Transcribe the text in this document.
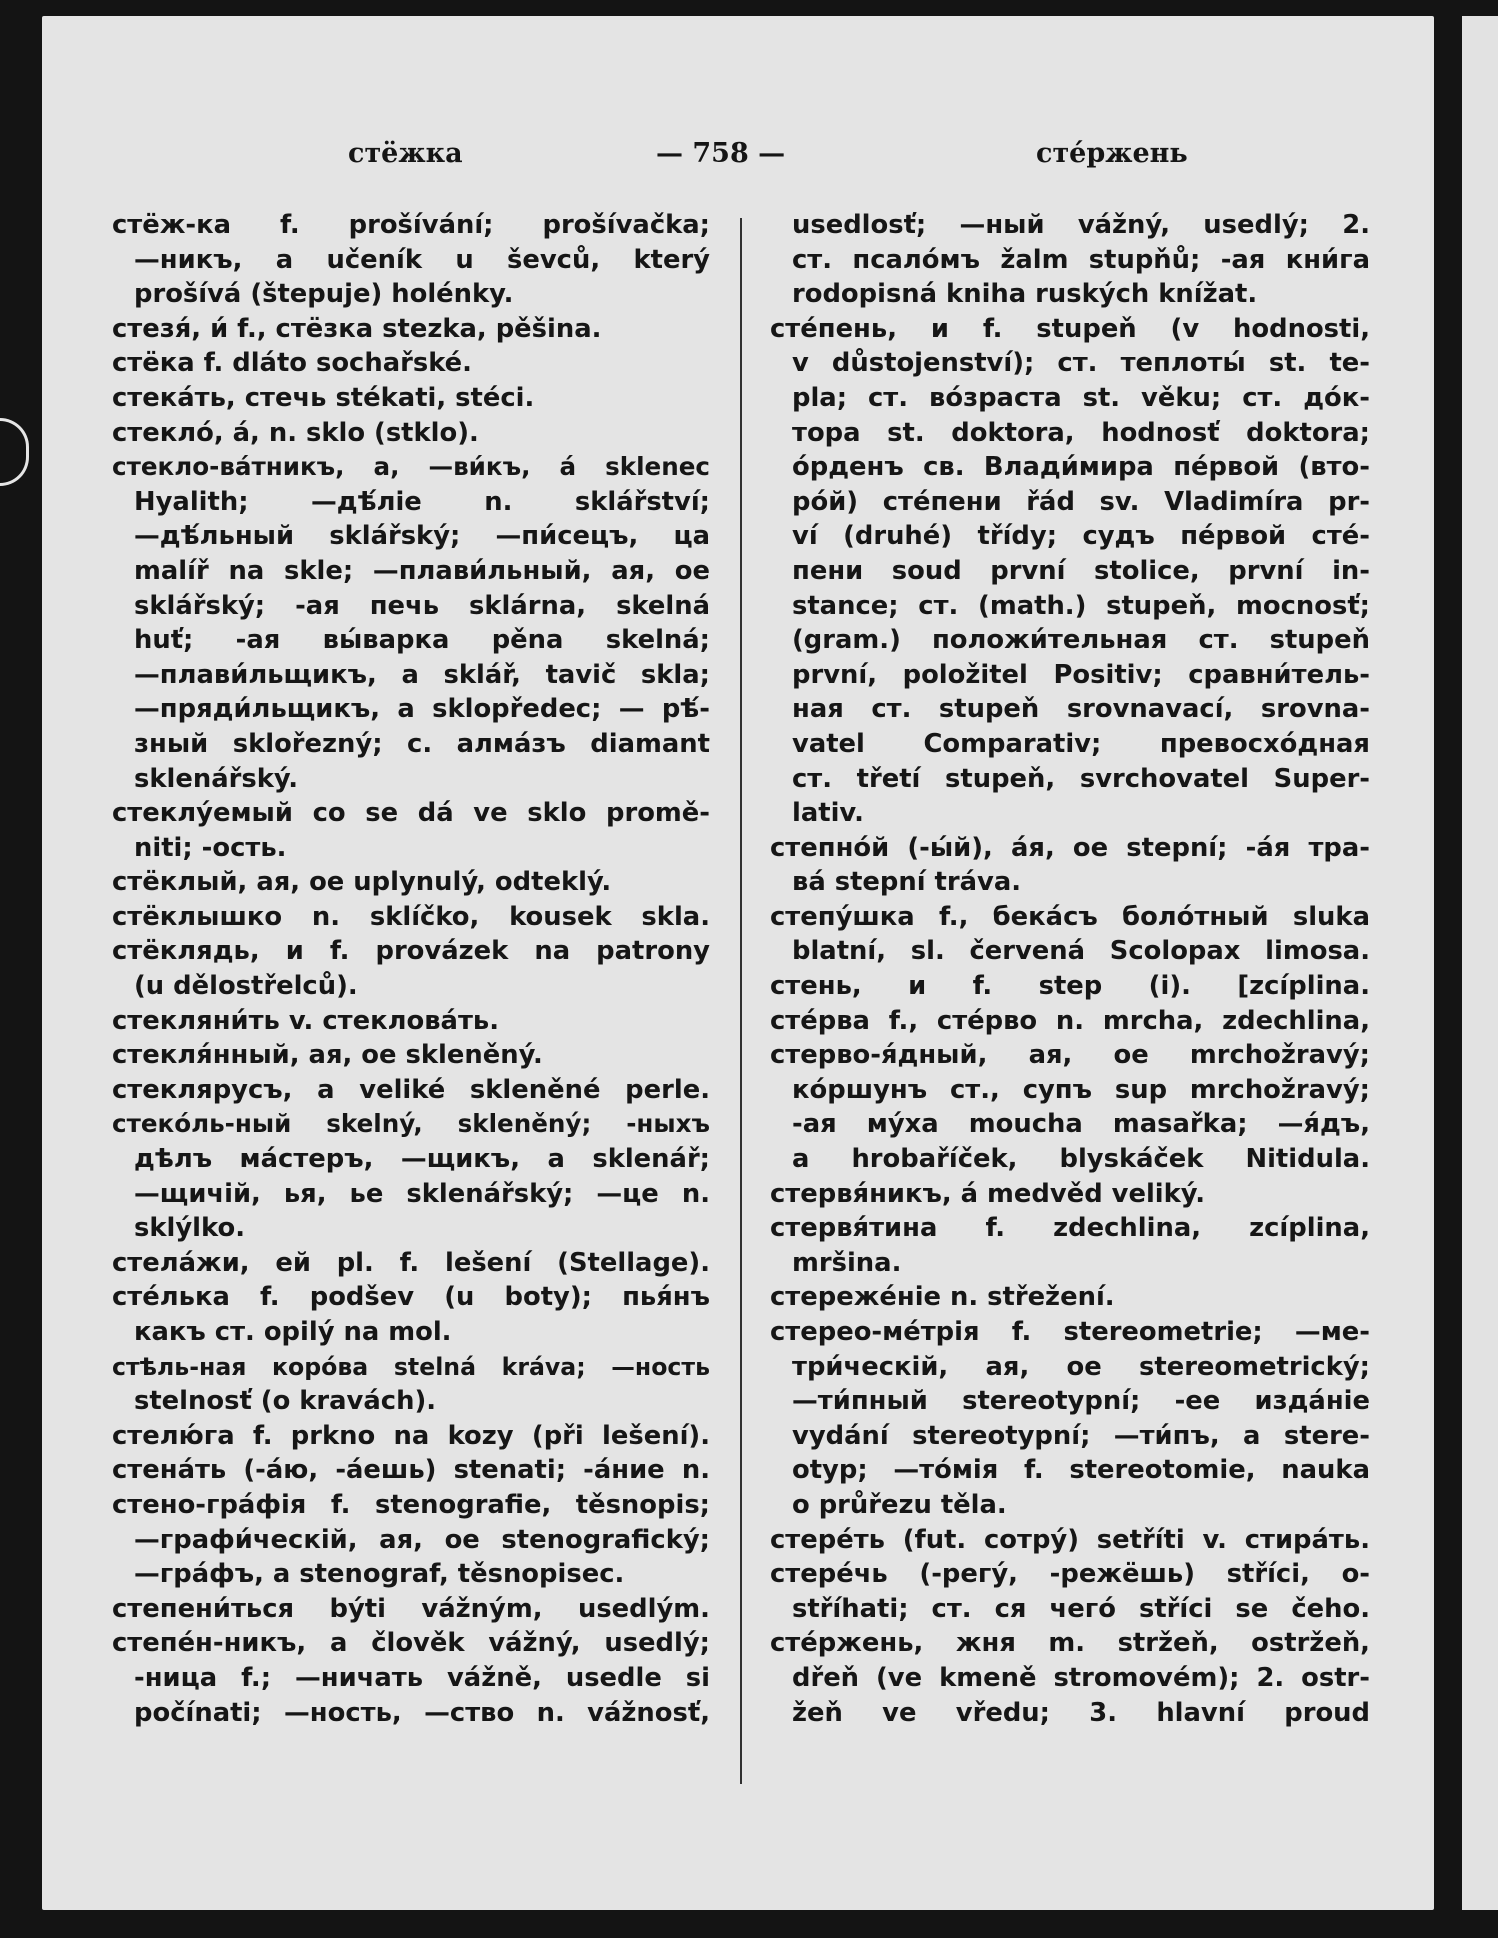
стёжка	— 758 —	стéржень
стёж-ка f. prošívání; prošívačka;
—никъ, a učeník u ševců, který
prošívá (štepuje) holénky.
стезя́, и́ f., стёзка stezka, pěšina.
стёка f. dláto sochařské.
стекáть, стечь stékati, stéci.
стеклó, á, n. sklo (stklo).
стекло-вáтникъ, a, —ви́къ, á sklenec
Hyalith; —дѣ́лie n. sklářství;
—дѣ́льный sklářský; —пи́сецъ, ца
malíř na skle; —плави́льный, ая, ое
sklářský; -ая печь sklárna, skelná
huť; -ая вы́варка pěna skelná;
—плави́льщикъ, a sklář, tavič skla;
—пряди́льщикъ, a sklopředec; — pѣ́-
зный sklořezný; с. алмáзъ diamant
sklenářský.
стеклу́емый co se dá ve sklo promě-
niti; -ость.
стёклый, ая, ое uplynulý, odteklý.
стёклышко n. sklíčko, kousek skla.
стёклядь, и f. provázek na patrony
(u dělostřelců).
стекляни́ть v. стекловáть.
стекля́нный, ая, ое skleněný.
стеклярусъ, a veliké skleněné perle.
стекóль-ный skelný, skleněný; -ныхъ
дѣлъ мáстеръ, —щикъ, a sklenář;
—щичій, ья, ье sklenářský; —це n.
sklýlko.
стелáжи, ей pl. f. lešení (Stellage).
стéлька f. podšev (u boty); пья́нъ
какъ ст. opilý na mol.
стѣль-ная корóва stelná kráva; —ность
stelnosť (o kravách).
стелю́га f. prkno na kozy (při lešení).
стенáть (-áю, -áешь) stenati; -áние n.
стено-грáфія f. stenografie, těsnopis;
—графи́ческій, ая, ое stenografický;
—грáфъ, a stenograf, těsnopisec.
степени́ться býti vážným, usedlým.
степéн-никъ, a člověk vážný, usedlý;
-ница f.; —ничать vážně, usedle si
počínati; —ность, —ство n. vážnosť,
usedlosť; —ный vážný, usedlý; 2.
ст. псалóмъ žalm stupňů; -ая кни́га
rodopisná kniha ruských knížat.
стéпень, и f. stupeň (v hodnosti,
v důstojenství); ст. теплоты́ st. te-
pla; ст. вóзраста st. věku; ст. дóк-
тора st. doktora, hodnosť doktora;
óрденъ св. Влади́мира пéрвой (вто-
рóй) стéпени řád sv. Vladimíra pr-
ví (druhé) třídy; судъ пéрвой стé-
пени soud první stolice, první in-
stance; ст. (math.) stupeň, mocnosť;
(gram.) положи́тельная ст. stupeň
první, položitel Positiv; сравни́тель-
ная ст. stupeň srovnavací, srovna-
vatel Comparativ; превосхóдная
ст. třetí stupeň, svrchovatel Super-
lativ.
степнóй (-ы́й), áя, ое stepní; -áя тра-
вá stepní tráva.
степу́шка f., бекáсъ болóтный sluka
blatní, sl. červená Scolopax limosa.
стень, и f. step (i). [zcíplina.
стéрва f., стéрво n. mrcha, zdechlina,
стерво-я́дный, ая, ое mrchožravý;
кóршунъ ст., супъ sup mrchožravý;
-ая му́ха moucha masařka; —я́дъ,
a hrobaříček, blyskáček Nitidula.
стервя́никъ, á medvěd veliký.
стервя́тина f. zdechlina, zcíplina,
mršina.
стережéніе n. střežení.
стерео-мéтрія f. stereometrie; —ме-
три́ческій, ая, ое stereometrický;
—ти́пный stereotypní; -ее издáніе
vydání stereotypní; —ти́пъ, a stere-
otyp; —тóмія f. stereotomie, nauka
o průřezu těla.
стерéть (fut. сотру́) setříti v. стирáть.
стерéчь (-регу́, -режёшь) stříci, o-
stříhati; ст. ся чегó stříci se čeho.
стéржень, жня m. stržeň, ostržeň,
dřeň (ve kmeně stromovém); 2. ostr-
žeň ve vředu; 3. hlavní proud
